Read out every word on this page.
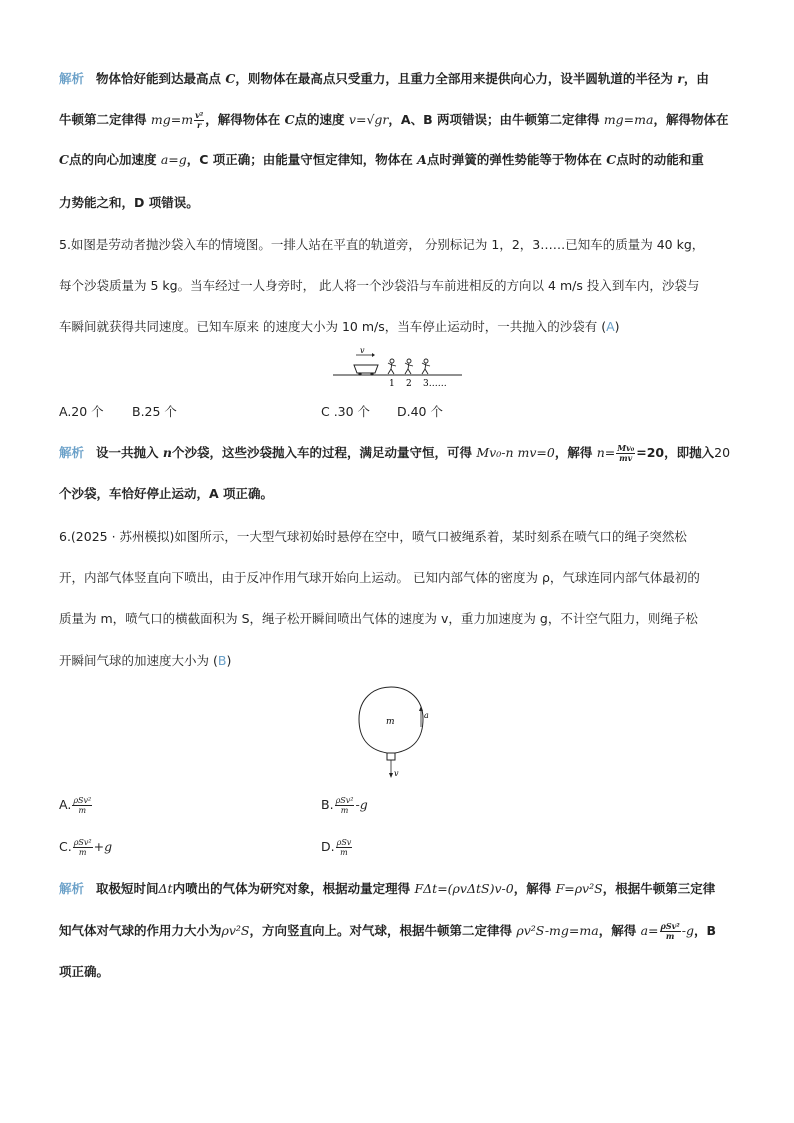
解析 物体恰好能到达最高点 C，则物体在最高点只受重力，且重力全部用来提供向心力，设半圆轨道的半径为 r，由
牛顿第二定律得 $mg=m \frac{\text{v²}}{r}$ ，解得物体在 C点的速度 v=√gr，A、B 两项错误；由牛顿第二定律得 mg=ma，解得物体在
C点的向心加速度 a=g，C 项正确；由能量守恒定律知，物体在 A点时弹簧的弹性势能等于物体在 C点时的动能和重
力势能之和，D 项错误。
5.如图是劳动者抛沙袋入车的情境图。一排人站在平直的轨道旁， 分别标记为 1，2，3……已知车的质量为 40 kg，
每个沙袋质量为 5 kg。当车经过一人身旁时， 此人将一个沙袋沿与车前进相反的方向以 4 m/s 投入到车内，沙袋与
车瞬间就获得共同速度。已知车原来 的速度大小为 10 m/s，当车停止运动时，一共抛入的沙袋有 (A)
v
1 2 3……
A.20 个 B.25 个	C .30 个 D.40 个
解析 设一共抛入 n个沙袋，这些沙袋抛入车的过程，满足动量守恒，可得 Mv₀-n mv=0，解得 $n= \frac{\text{Mv₀}}{mv} =20$，即抛入20
个沙袋，车恰好停止运动，A 项正确。
6.(2025 · 苏州模拟)如图所示，一大型气球初始时悬停在空中，喷气口被绳系着，某时刻系在喷气口的绳子突然松
开，内部气体竖直向下喷出，由于反冲作用气球开始向上运动。 已知内部气体的密度为 ρ，气球连同内部气体最初的
质量为 m，喷气口的横截面积为 S，绳子松开瞬间喷出气体的速度为 v，重力加速度为 g，不计空气阻力，则绳子松
开瞬间气球的加速度大小为 (B)
m
a
v
A. $\frac{\text{ρSv²}}{m}$	B. $\frac{\text{ρSv²}}{m} -g$
C. $\frac{\text{ρSv²}}{m} +g$	D. $\frac{\text{ρSv}}{m}$
解析 取极短时间Δt内喷出的气体为研究对象，根据动量定理得 FΔt=(ρvΔtS)v-0，解得 F=ρv²S，根据牛顿第三定律
知气体对气球的作用力大小为ρv²S，方向竖直向上。对气球，根据牛顿第二定律得 ρv²S-mg=ma，解得 $a= \frac{\text{ρSv²}}{m} -g$，B
项正确。
